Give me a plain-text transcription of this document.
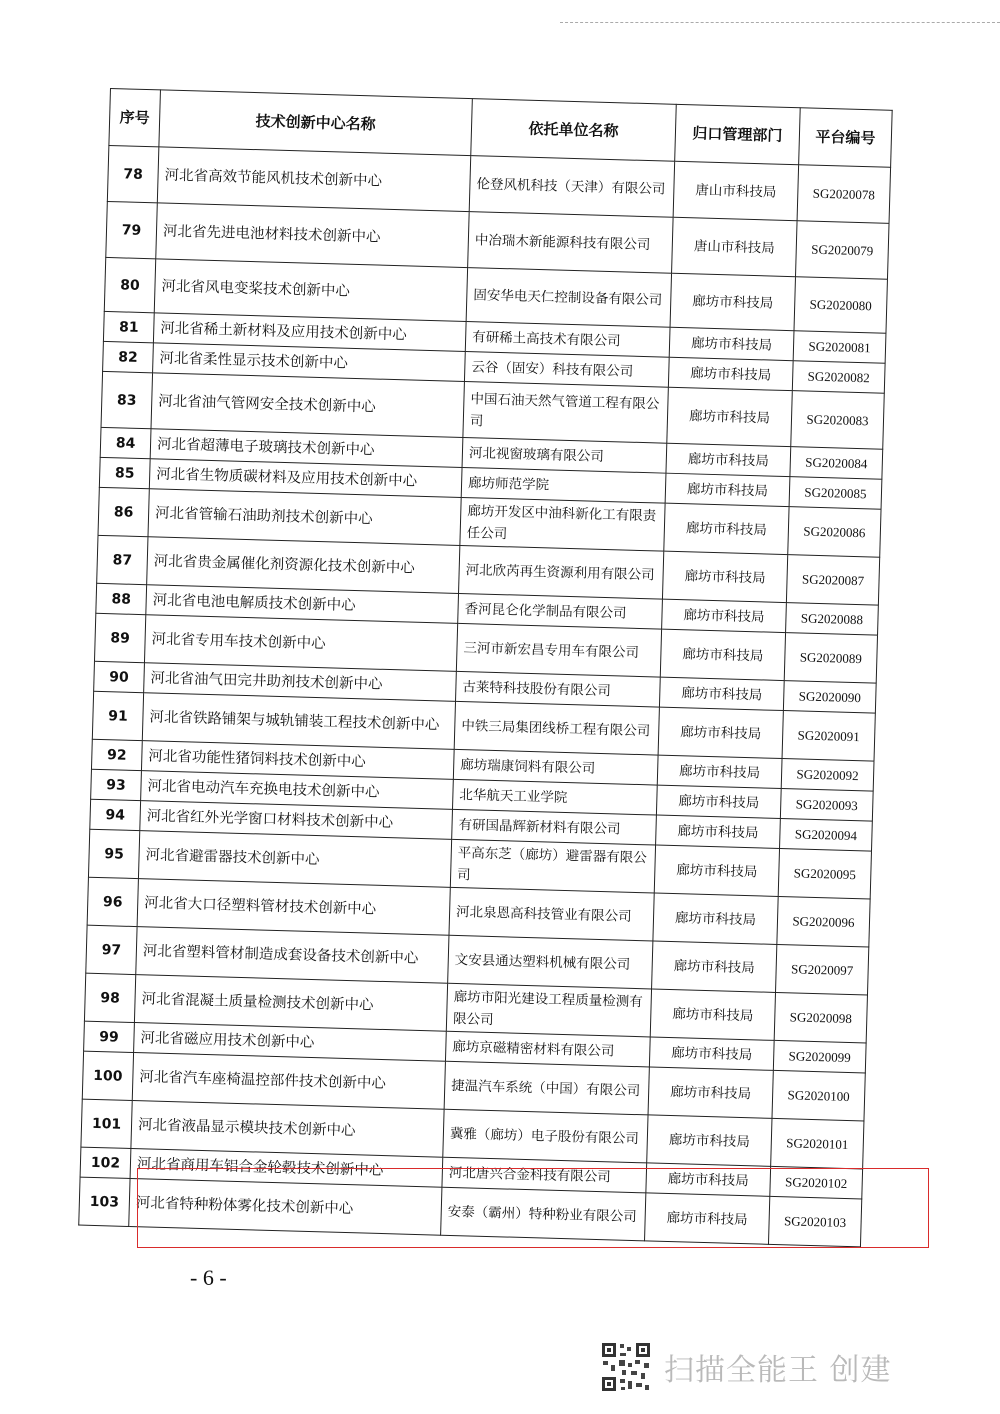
序号	技术创新中心名称	依托单位名称	归口管理部门	平台编号
78	河北省高效节能风机技术创新中心	伦登风机科技（天津）有限公司	唐山市科技局	SG2020078
79	河北省先进电池材料技术创新中心	中冶瑞木新能源科技有限公司	唐山市科技局	SG2020079
80	河北省风电变桨技术创新中心	固安华电天仁控制设备有限公司	廊坊市科技局	SG2020080
81	河北省稀土新材料及应用技术创新中心	有研稀土高技术有限公司	廊坊市科技局	SG2020081
82	河北省柔性显示技术创新中心	云谷（固安）科技有限公司	廊坊市科技局	SG2020082
83	河北省油气管网安全技术创新中心	中国石油天然气管道工程有限公司	廊坊市科技局	SG2020083
84	河北省超薄电子玻璃技术创新中心	河北视窗玻璃有限公司	廊坊市科技局	SG2020084
85	河北省生物质碳材料及应用技术创新中心	廊坊师范学院	廊坊市科技局	SG2020085
86	河北省管输石油助剂技术创新中心	廊坊开发区中油科新化工有限责任公司	廊坊市科技局	SG2020086
87	河北省贵金属催化剂资源化技术创新中心	河北欣芮再生资源利用有限公司	廊坊市科技局	SG2020087
88	河北省电池电解质技术创新中心	香河昆仑化学制品有限公司	廊坊市科技局	SG2020088
89	河北省专用车技术创新中心	三河市新宏昌专用车有限公司	廊坊市科技局	SG2020089
90	河北省油气田完井助剂技术创新中心	古莱特科技股份有限公司	廊坊市科技局	SG2020090
91	河北省铁路铺架与城轨铺装工程技术创新中心	中铁三局集团线桥工程有限公司	廊坊市科技局	SG2020091
92	河北省功能性猪饲料技术创新中心	廊坊瑞康饲料有限公司	廊坊市科技局	SG2020092
93	河北省电动汽车充换电技术创新中心	北华航天工业学院	廊坊市科技局	SG2020093
94	河北省红外光学窗口材料技术创新中心	有研国晶辉新材料有限公司	廊坊市科技局	SG2020094
95	河北省避雷器技术创新中心	平高东芝（廊坊）避雷器有限公司	廊坊市科技局	SG2020095
96	河北省大口径塑料管材技术创新中心	河北泉恩高科技管业有限公司	廊坊市科技局	SG2020096
97	河北省塑料管材制造成套设备技术创新中心	文安县通达塑料机械有限公司	廊坊市科技局	SG2020097
98	河北省混凝土质量检测技术创新中心	廊坊市阳光建设工程质量检测有限公司	廊坊市科技局	SG2020098
99	河北省磁应用技术创新中心	廊坊京磁精密材料有限公司	廊坊市科技局	SG2020099
100	河北省汽车座椅温控部件技术创新中心	捷温汽车系统（中国）有限公司	廊坊市科技局	SG2020100
101	河北省液晶显示模块技术创新中心	冀雅（廊坊）电子股份有限公司	廊坊市科技局	SG2020101
102	河北省商用车铝合金轮毂技术创新中心	河北唐兴合金科技有限公司	廊坊市科技局	SG2020102
103	河北省特种粉体雾化技术创新中心	安泰（霸州）特种粉业有限公司	廊坊市科技局	SG2020103
- 6 -
扫描全能王 创建
